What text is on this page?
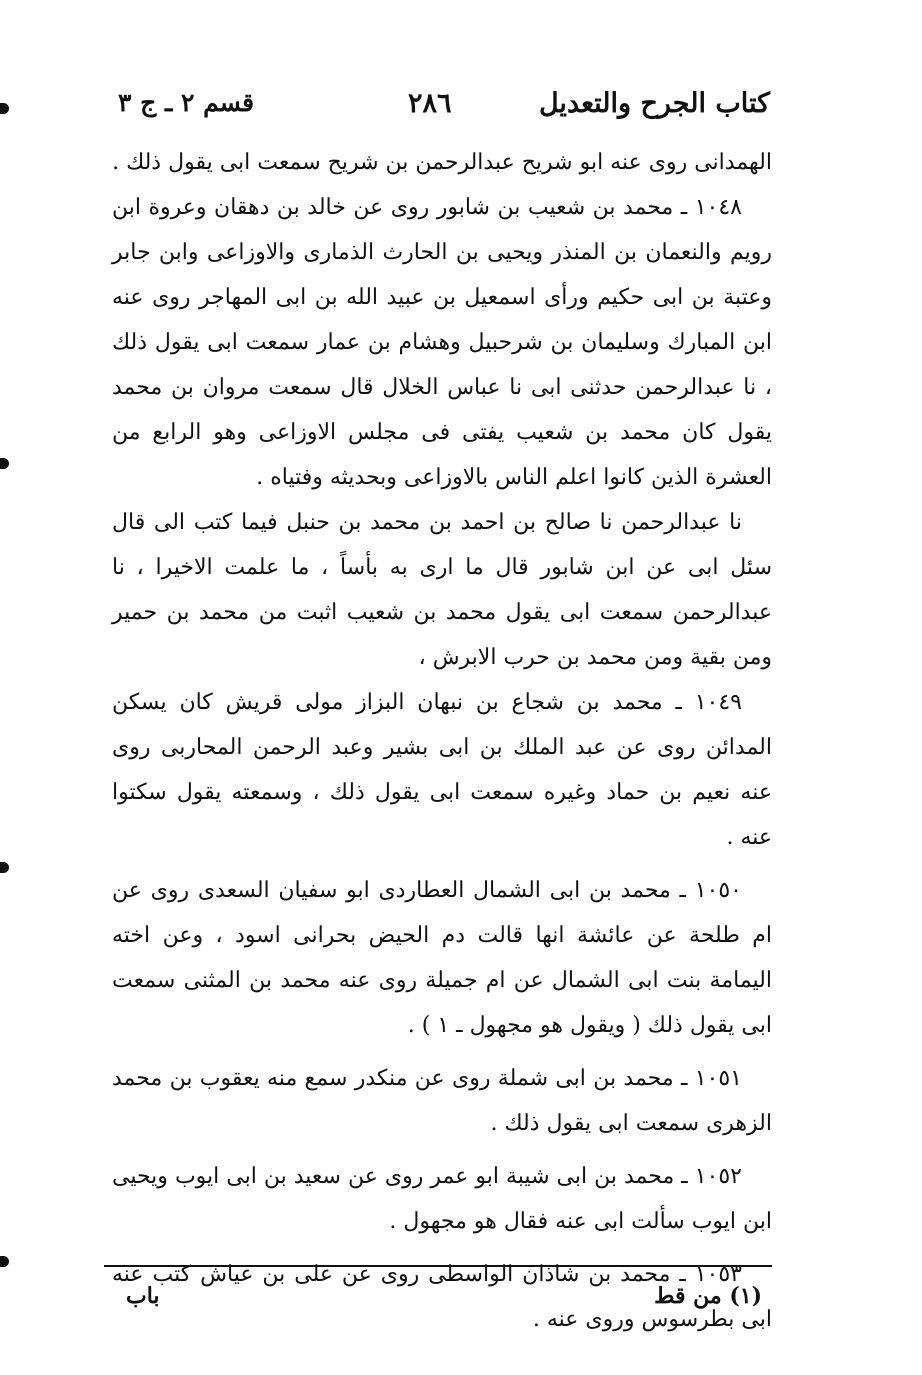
كتاب الجرح والتعديل
٢٨٦
قسم ٢ ـ ج ٣

الهمدانى روى عنه ابو شريح عبدالرحمن بن شريح سمعت ابى يقول ذلك .

١٠٤٨ ـ محمد بن شعيب بن شابور روى عن خالد بن دهقان وعروة ابن رويم والنعمان بن المنذر ويحيى بن الحارث الذمارى والاوزاعى وابن جابر وعتبة بن ابى حكيم ورأى اسمعيل بن عبيد الله بن ابى المهاجر روى عنه ابن المبارك وسليمان بن شرحبيل وهشام بن عمار سمعت ابى يقول ذلك ، نا عبدالرحمن حدثنى ابى نا عباس الخلال قال سمعت مروان بن محمد يقول كان محمد بن شعيب يفتى فى مجلس الاوزاعى وهو الرابع من العشرة الذين كانوا اعلم الناس بالاوزاعى وبحديثه وفتياه .

نا عبدالرحمن نا صالح بن احمد بن محمد بن حنبل فيما كتب الى قال سئل ابى عن ابن شابور قال ما ارى به بأساً ، ما علمت الاخيرا ، نا عبدالرحمن سمعت ابى يقول محمد بن شعيب اثبت من محمد بن حمير ومن بقية ومن محمد بن حرب الابرش ،

١٠٤٩ ـ محمد بن شجاع بن نبهان البزاز مولى قريش كان يسكن المدائن روى عن عبد الملك بن ابى بشير وعبد الرحمن المحاربى روى عنه نعيم بن حماد وغيره سمعت ابى يقول ذلك ، وسمعته يقول سكتوا عنه .

١٠٥٠ ـ محمد بن ابى الشمال العطاردى ابو سفيان السعدى روى عن ام طلحة عن عائشة انها قالت دم الحيض بحرانى اسود ، وعن اخته اليمامة بنت ابى الشمال عن ام جميلة روى عنه محمد بن المثنى سمعت ابى يقول ذلك ( ويقول هو مجهول ـ ١ ) .

١٠٥١ ـ محمد بن ابى شملة روى عن منكدر سمع منه يعقوب بن محمد الزهرى سمعت ابى يقول ذلك .

١٠٥٢ ـ محمد بن ابى شيبة ابو عمر روى عن سعيد بن ابى ايوب ويحيى ابن ايوب سألت ابى عنه فقال هو مجهول .

١٠٥٣ ـ محمد بن شاذان الواسطى روى عن على بن عياش كتب عنه ابى بطرسوس وروى عنه .

(١) من قط
باب
